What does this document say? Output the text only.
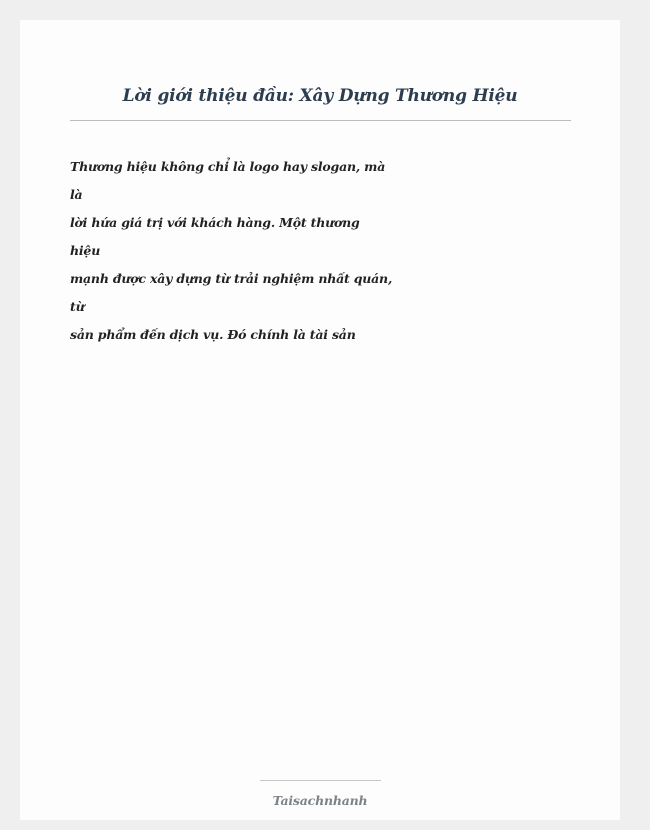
Lời giới thiệu đầu: Xây Dựng Thương Hiệu
Thương hiệu không chỉ là logo hay slogan, mà
là
lời hứa giá trị với khách hàng. Một thương
hiệu
mạnh được xây dựng từ trải nghiệm nhất quán,
từ
sản phẩm đến dịch vụ. Đó chính là tài sản
Taisachnhanh
